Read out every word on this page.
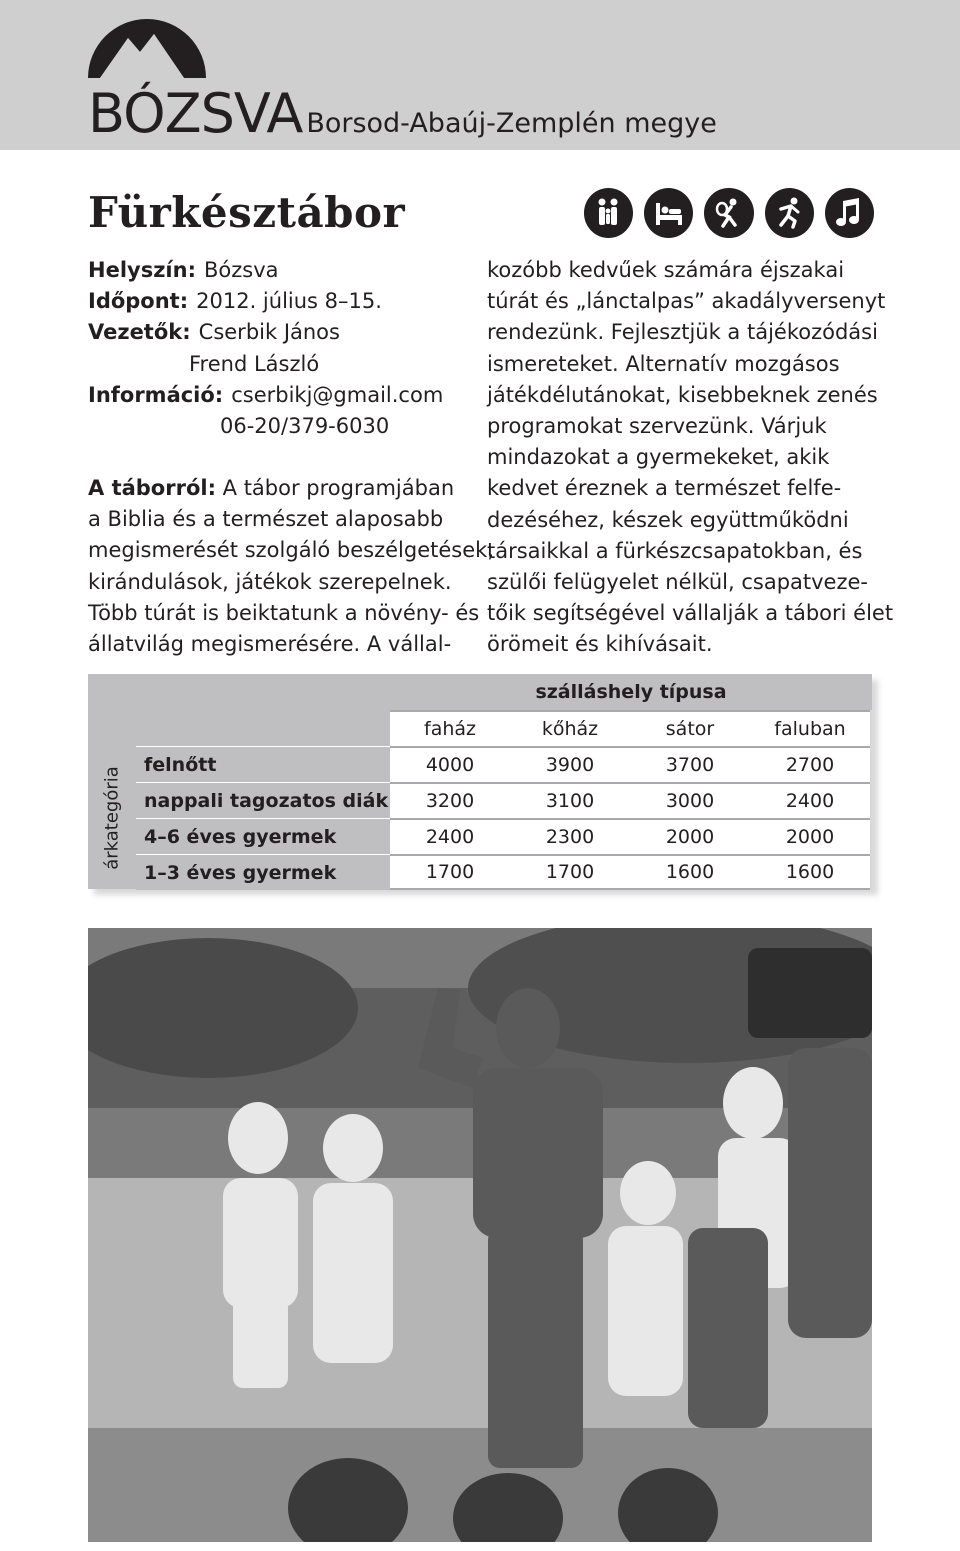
BÓZSVA Borsod-Abaúj-Zemplén megye
Fürkésztábor
Helyszín: Bózsva
Időpont: 2012. július 8–15.
Vezetők: Cserbik János
Frend László
Információ: cserbikj@gmail.com
06-20/379-6030
A táborról: A tábor programjában
a Biblia és a természet alaposabb
megismerését szolgáló beszélgetések,
kirándulások, játékok szerepelnek.
Több túrát is beiktatunk a növény- és
állatvilág megismerésére. A vállal-
kozóbb kedvűek számára éjszakai
túrát és „lánctalpas” akadályversenyt
rendezünk. Fejlesztjük a tájékozódási
ismereteket. Alternatív mozgásos
játékdélutánokat, kisebbeknek zenés
programokat szervezünk. Várjuk
mindazokat a gyermekeket, akik
kedvet éreznek a természet felfe-
dezéséhez, készek együttműködni
társaikkal a fürkészcsapatokban, és
szülői felügyelet nélkül, csapatveze-
tőik segítségével vállalják a tábori élet
örömeit és kihívásait.
szálláshely típusa
árkategória
faház	kőház	sátor	faluban
felnőtt	4000	3900	3700	2700
nappali tagozatos diák	3200	3100	3000	2400
4–6 éves gyermek	2400	2300	2000	2000
1–3 éves gyermek	1700	1700	1600	1600
